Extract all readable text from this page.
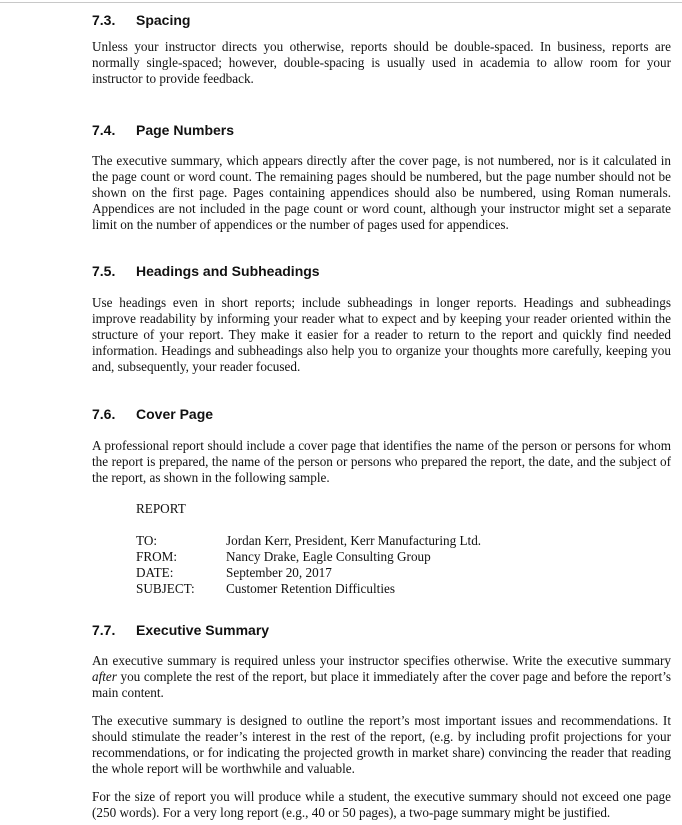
7.3. Spacing

Unless your instructor directs you otherwise, reports should be double-spaced. In business, reports are normally single-spaced; however, double-spacing is usually used in academia to allow room for your instructor to provide feedback.

7.4. Page Numbers

The executive summary, which appears directly after the cover page, is not numbered, nor is it calculated in the page count or word count. The remaining pages should be numbered, but the page number should not be shown on the first page. Pages containing appendices should also be numbered, using Roman numerals. Appendices are not included in the page count or word count, although your instructor might set a separate limit on the number of appendices or the number of pages used for appendices.

7.5. Headings and Subheadings

Use headings even in short reports; include subheadings in longer reports. Headings and subheadings improve readability by informing your reader what to expect and by keeping your reader oriented within the structure of your report. They make it easier for a reader to return to the report and quickly find needed information. Headings and subheadings also help you to organize your thoughts more carefully, keeping you and, subsequently, your reader focused.

7.6. Cover Page

A professional report should include a cover page that identifies the name of the person or persons for whom the report is prepared, the name of the person or persons who prepared the report, the date, and the subject of the report, as shown in the following sample.

REPORT
TO:	Jordan Kerr, President, Kerr Manufacturing Ltd.
FROM:	Nancy Drake, Eagle Consulting Group
DATE:	September 20, 2017
SUBJECT:	Customer Retention Difficulties
7.7. Executive Summary

An executive summary is required unless your instructor specifies otherwise. Write the executive summary after you complete the rest of the report, but place it immediately after the cover page and before the report’s main content.

The executive summary is designed to outline the report’s most important issues and recommendations. It should stimulate the reader’s interest in the rest of the report, (e.g. by including profit projections for your recommendations, or for indicating the projected growth in market share) convincing the reader that reading the whole report will be worthwhile and valuable.

For the size of report you will produce while a student, the executive summary should not exceed one page (250 words). For a very long report (e.g., 40 or 50 pages), a two-page summary might be justified.
